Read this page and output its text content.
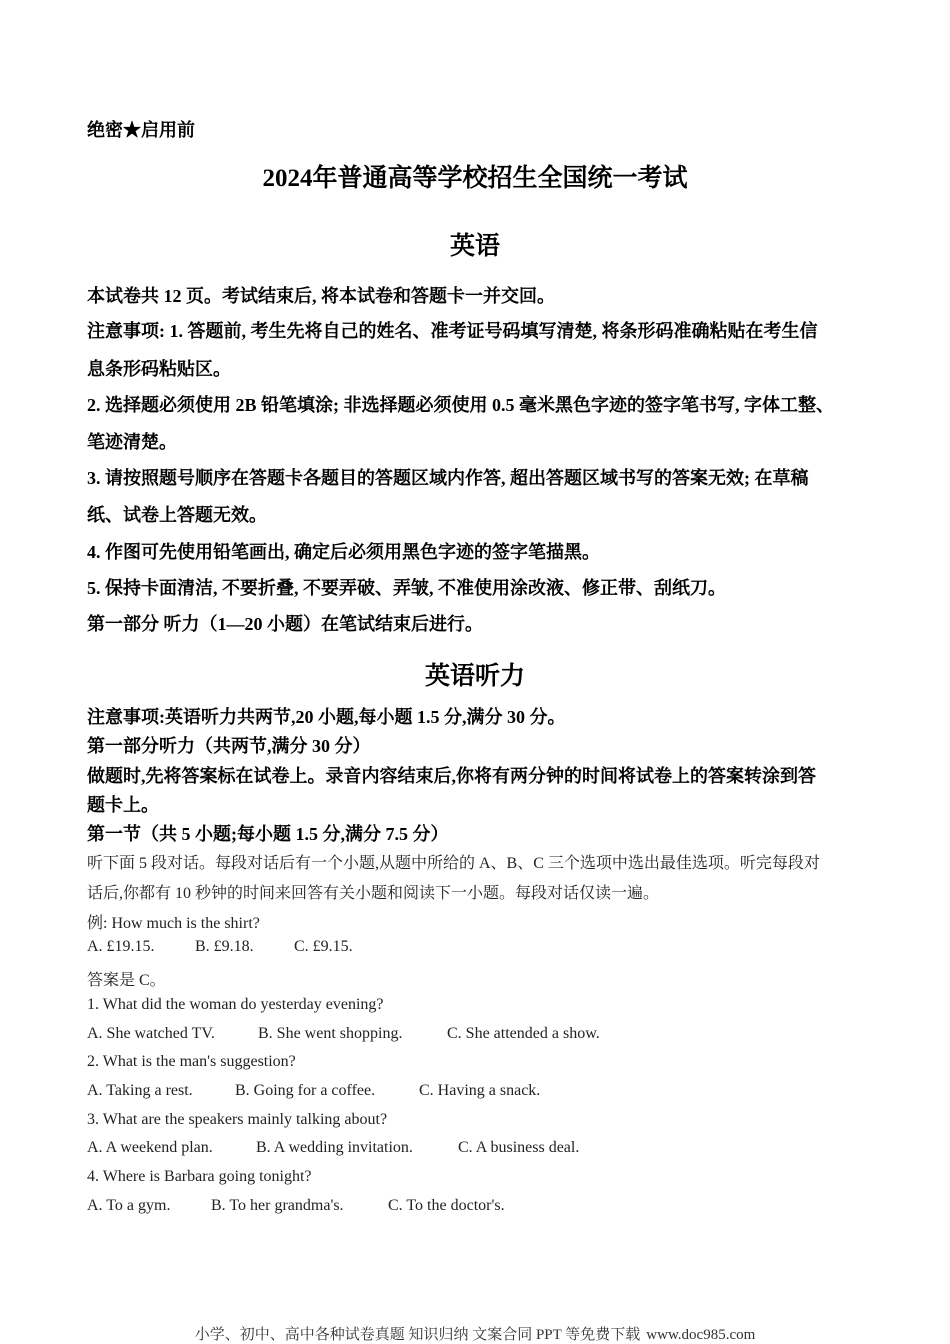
绝密★启用前
2024年普通高等学校招生全国统一考试
英语
本试卷共 12 页。考试结束后, 将本试卷和答题卡一并交回。
注意事项: 1. 答题前, 考生先将自己的姓名、准考证号码填写清楚, 将条形码准确粘贴在考生信
息条形码粘贴区。
2. 选择题必须使用 2B 铅笔填涂; 非选择题必须使用 0.5 毫米黑色字迹的签字笔书写, 字体工整、
笔迹清楚。
3. 请按照题号顺序在答题卡各题目的答题区域内作答, 超出答题区域书写的答案无效; 在草稿
纸、试卷上答题无效。
4. 作图可先使用铅笔画出, 确定后必须用黑色字迹的签字笔描黑。
5. 保持卡面清洁, 不要折叠, 不要弄破、弄皱, 不准使用涂改液、修正带、刮纸刀。
第一部分 听力（1—20 小题）在笔试结束后进行。
英语听力
注意事项:英语听力共两节,20 小题,每小题 1.5 分,满分 30 分。
第一部分听力（共两节,满分 30 分）
做题时,先将答案标在试卷上。录音内容结束后,你将有两分钟的时间将试卷上的答案转涂到答
题卡上。
第一节（共 5 小题;每小题 1.5 分,满分 7.5 分）
听下面 5 段对话。每段对话后有一个小题,从题中所给的 A、B、C 三个选项中选出最佳选项。听完每段对
话后,你都有 10 秒钟的时间来回答有关小题和阅读下一小题。每段对话仅读一遍。
例: How much is the shirt?
A. £19.15.	B. £9.18.	C. £9.15.
答案是 C。
1. What did the woman do yesterday evening?
A. She watched TV.	B. She went shopping.	C. She attended a show.
2. What is the man's suggestion?
A. Taking a rest.	B. Going for a coffee.	C. Having a snack.
3. What are the speakers mainly talking about?
A. A weekend plan.	B. A wedding invitation.	C. A business deal.
4. Where is Barbara going tonight?
A. To a gym.	B. To her grandma's.	C. To the doctor's.
小学、初中、高中各种试卷真题 知识归纳 文案合同 PPT 等免费下载 www.doc985.com
